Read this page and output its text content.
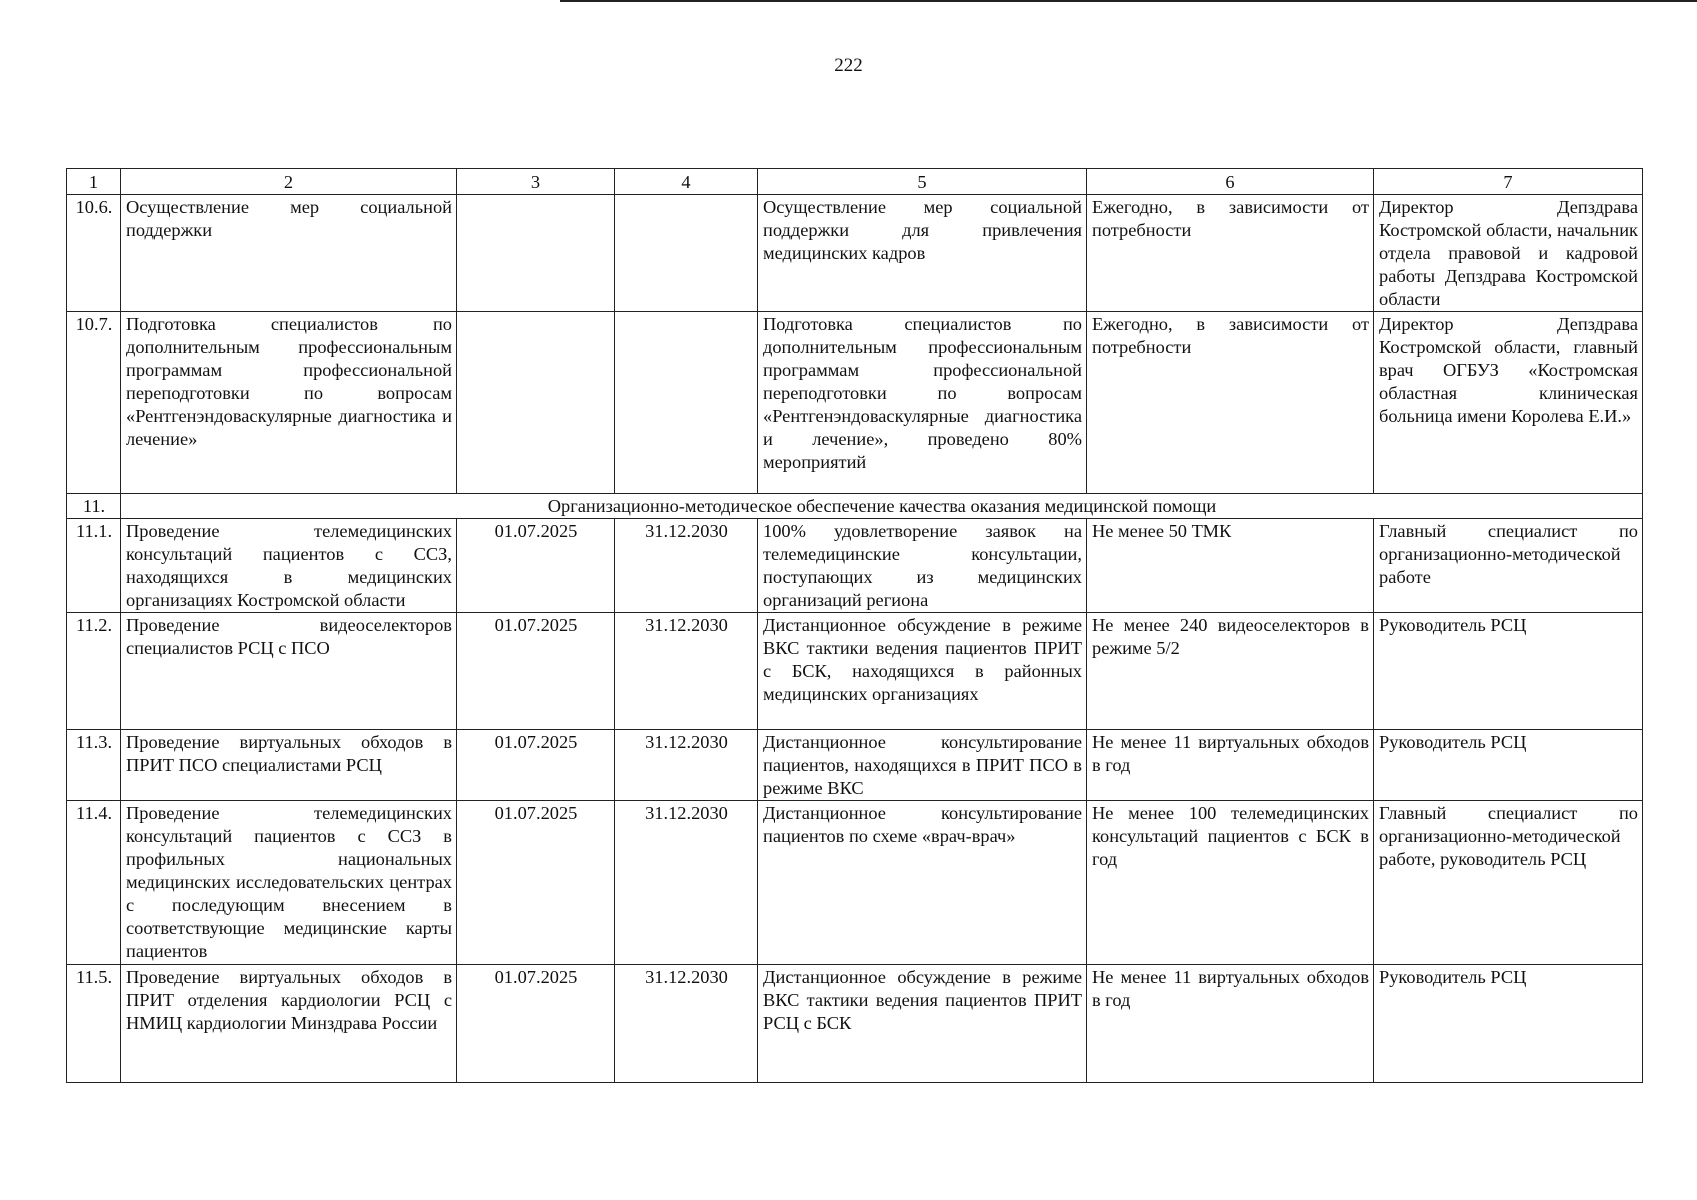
222
1	2	3	4	5	6	7
10.6.	Осуществление мер социальной поддержки			Осуществление мер социальной поддержки для привлечения медицинских кадров	Ежегодно, в зависимости от потребности	Директор Депздрава Костромской области, начальник отдела правовой и кадровой работы Депздрава Костромской области
10.7.	Подготовка специалистов по дополнительным профессиональным программам профессиональной переподготовки по вопросам «Рентгенэндоваскулярные диагностика и лечение»			Подготовка специалистов по дополнительным профессиональным программам профессиональной переподготовки по вопросам «Рентгенэндоваскулярные диагностика и лечение», проведено 80% мероприятий	Ежегодно, в зависимости от потребности	Директор Депздрава Костромской области, главный врач ОГБУЗ «Костромская областная клиническая больница имени Королева Е.И.»
11.	Организационно-методическое обеспечение качества оказания медицинской помощи					
11.1.	Проведение телемедицинских консультаций пациентов с ССЗ, находящихся в медицинских организациях Костромской области	01.07.2025	31.12.2030	100% удовлетворение заявок на телемедицинские консультации, поступающих из медицинских организаций региона	Не менее 50 ТМК	Главный специалист по организационно-методической работе
11.2.	Проведение видеоселекторов специалистов РСЦ с ПСО	01.07.2025	31.12.2030	Дистанционное обсуждение в режиме ВКС тактики ведения пациентов ПРИТ с БСК, находящихся в районных медицинских организациях	Не менее 240 видеоселекторов в режиме 5/2	Руководитель РСЦ
11.3.	Проведение виртуальных обходов в ПРИТ ПСО специалистами РСЦ	01.07.2025	31.12.2030	Дистанционное консультирование пациентов, находящихся в ПРИТ ПСО в режиме ВКС	Не менее 11 виртуальных обходов в год	Руководитель РСЦ
11.4.	Проведение телемедицинских консультаций пациентов с ССЗ в профильных национальных медицинских исследовательских центрах с последующим внесением в соответствующие медицинские карты пациентов	01.07.2025	31.12.2030	Дистанционное консультирование пациентов по схеме «врач-врач»	Не менее 100 телемедицинских консультаций пациентов с БСК в год	Главный специалист по организационно-методической работе, руководитель РСЦ
11.5.	Проведение виртуальных обходов в ПРИТ отделения кардиологии РСЦ с НМИЦ кардиологии Минздрава России	01.07.2025	31.12.2030	Дистанционное обсуждение в режиме ВКС тактики ведения пациентов ПРИТ РСЦ с БСК	Не менее 11 виртуальных обходов в год	Руководитель РСЦ
